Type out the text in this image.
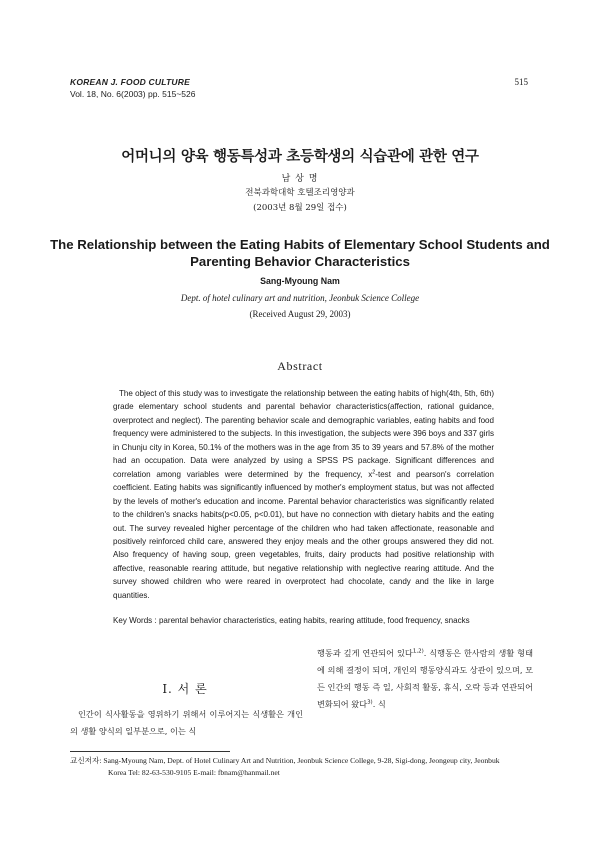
KOREAN J. FOOD CULTURE
Vol. 18, No. 6(2003) pp. 515~526
515
어머니의 양육 행동특성과 초등학생의 식습관에 관한 연구
남 상 명
전북과학대학 호텔조리영양과
(2003년 8월 29일 접수)
The Relationship between the Eating Habits of Elementary School Students and Parenting Behavior Characteristics
Sang-Myoung Nam
Dept. of hotel culinary art and nutrition, Jeonbuk Science College
(Received August 29, 2003)
Abstract

The object of this study was to investigate the relationship between the eating habits of high(4th, 5th, 6th) grade elementary school students and parental behavior characteristics(affection, rational guidance, overprotect and neglect). The parenting behavior scale and demographic variables, eating habits and food frequency were administered to the subjects. In this investigation, the subjects were 396 boys and 337 girls in Chunju city in Korea, 50.1% of the mothers was in the age from 35 to 39 years and 57.8% of the mother had an occupation. Data were analyzed by using a SPSS PS package. Significant differences and correlation among variables were determined by the frequency, $x^2$-test and pearson's correlation coefficient. Eating habits was significantly influenced by mother's employment status, but was not affected by the levels of mother's education and income. Parental behavior characteristics was significantly related to the children's snacks habits(p<0.05, p<0.01), but have no connection with dietary habits and the eating out. The survey revealed higher percentage of the children who had taken affectionate, reasonable and positively reinforced child care, answered they enjoy meals and the other groups answered they did not. Also frequency of having soup, green vegetables, fruits, dairy products had positive relationship with affective, reasonable rearing attitude, but negative relationship with neglective rearing attitude. And the survey showed children who were reared in overprotect had chocolate, candy and the like in large quantities.

Key Words : parental behavior characteristics, eating habits, rearing attitude, food frequency, snacks
I. 서 론

인간이 식사활동을 영위하기 위해서 이루어지는 식생활은 개인의 생활 양식의 일부분으로, 이는 식

행동과 깊게 연관되어 있다$^{1,2)}$. 식행동은 한사람의 생활 형태에 의해 결정이 되며, 개인의 행동양식과도 상관이 있으며, 모든 인간의 행동 즉 일, 사회적 활동, 휴식, 오락 등과 연관되어 변화되어 왔다$^{3)}$. 식

교신저자: Sang-Myoung Nam, Dept. of Hotel Culinary Art and Nutrition, Jeonbuk Science College, 9-28, Sigi-dong, Jeongeup city, Jeonbuk
Korea Tel: 82-63-530-9105 E-mail: fbnam@hanmail.net
